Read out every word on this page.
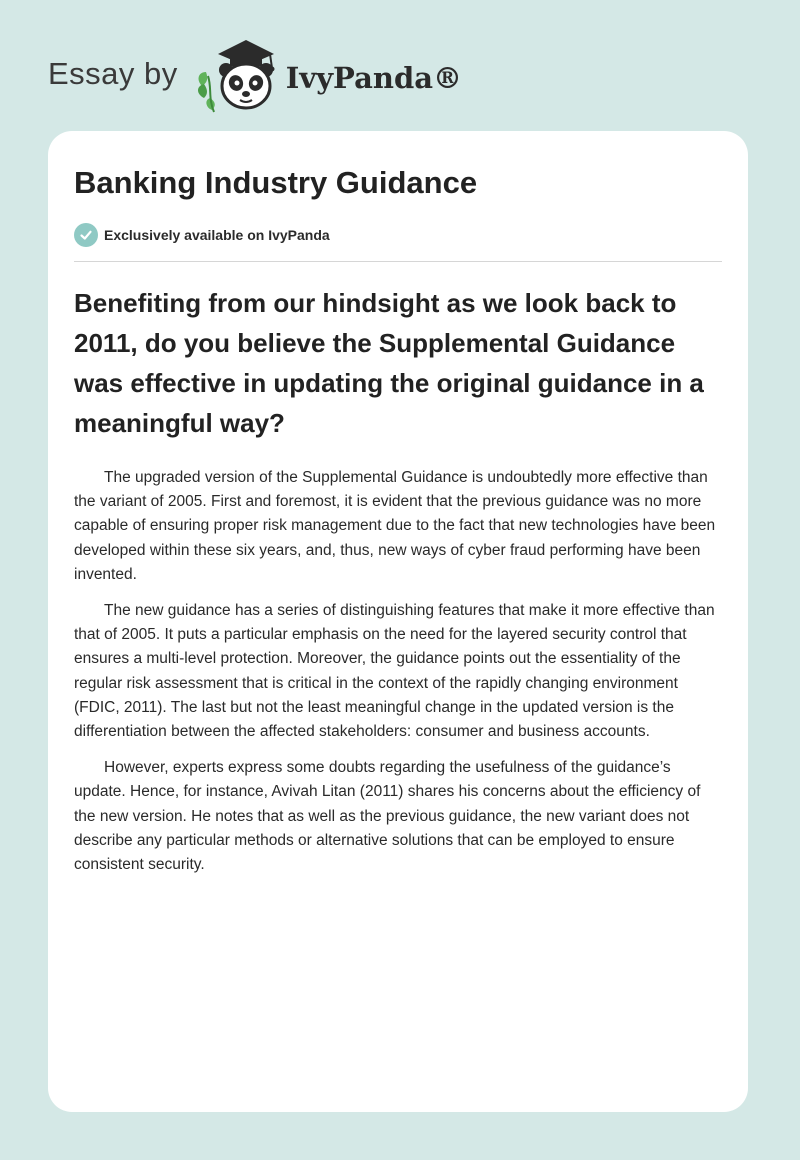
Essay by	IvyPanda®
Banking Industry Guidance
Exclusively available on IvyPanda
Benefiting from our hindsight as we look back to 2011, do you believe the Supplemental Guidance was effective in updating the original guidance in a meaningful way?

The upgraded version of the Supplemental Guidance is undoubtedly more effective than the variant of 2005. First and foremost, it is evident that the previous guidance was no more capable of ensuring proper risk management due to the fact that new technologies have been developed within these six years, and, thus, new ways of cyber fraud performing have been invented.

The new guidance has a series of distinguishing features that make it more effective than that of 2005. It puts a particular emphasis on the need for the layered security control that ensures a multi-level protection. Moreover, the guidance points out the essentiality of the regular risk assessment that is critical in the context of the rapidly changing environment (FDIC, 2011). The last but not the least meaningful change in the updated version is the differentiation between the affected stakeholders: consumer and business accounts.

However, experts express some doubts regarding the usefulness of the guidance’s update. Hence, for instance, Avivah Litan (2011) shares his concerns about the efficiency of the new version. He notes that as well as the previous guidance, the new variant does not describe any particular methods or alternative solutions that can be employed to ensure consistent security.
